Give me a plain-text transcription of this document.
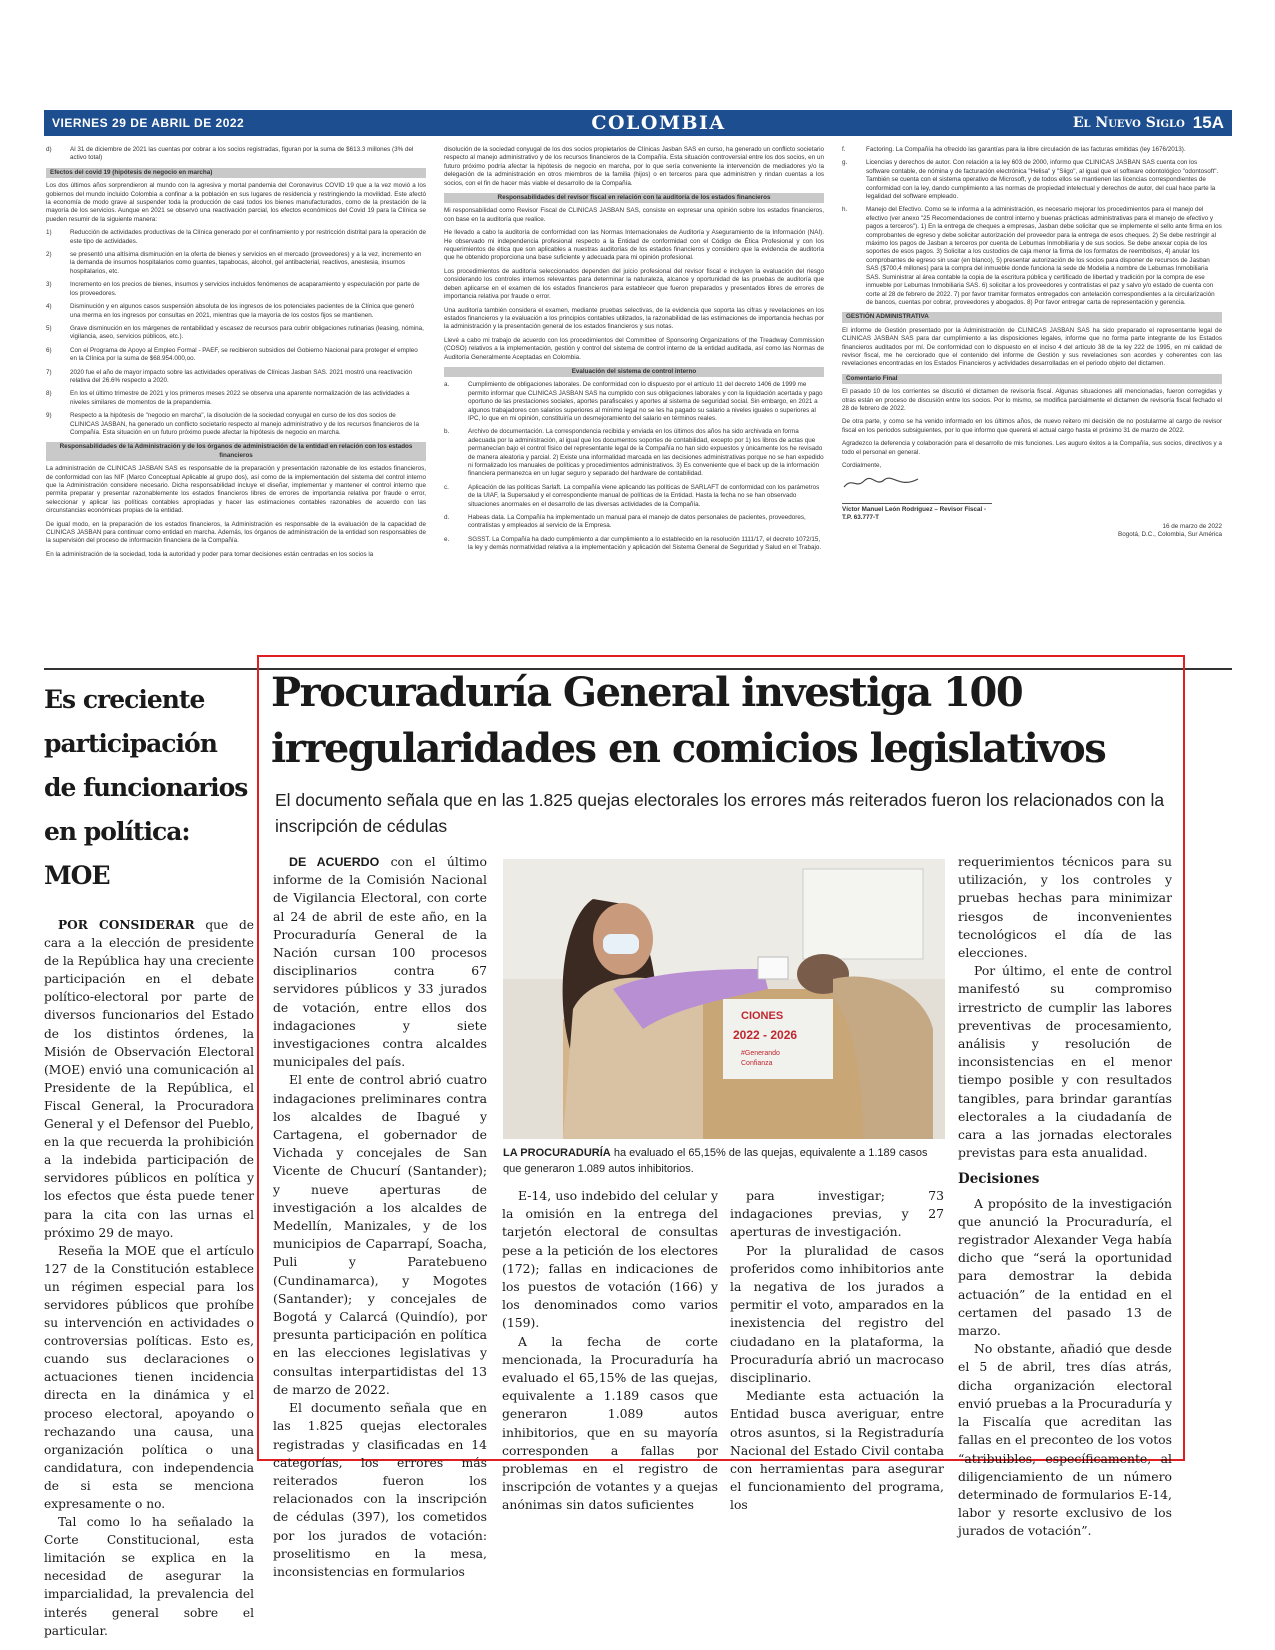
VIERNES 29 DE ABRIL DE 2022	COLOMBIA	El Nuevo Siglo 15A
d)	Al 31 de diciembre de 2021 las cuentas por cobrar a los socios registradas, figuran por la suma de $613.3 millones (3% del activo total)
Efectos del covid 19 (hipótesis de negocio en marcha)

Los dos últimos años sorprendieron al mundo con la agresiva y mortal pandemia del Coronavirus COVID 19 que a la vez movió a los gobiernos del mundo incluido Colombia a confinar a la población en sus lugares de residencia y restringiendo la movilidad. Este afectó la economía de modo grave al suspender toda la producción de casi todos los bienes manufacturados, como de la prestación de la mayoría de los servicios. Aunque en 2021 se observó una reactivación parcial, los efectos económicos del Covid 19 para la Clínica se pueden resumir de la siguiente manera:

1)	Reducción de actividades productivas de la Clínica generado por el confinamiento y por restricción distrital para la operación de este tipo de actividades.
2)	se presentó una altísima disminución en la oferta de bienes y servicios en el mercado (proveedores) y a la vez, incremento en la demanda de insumos hospitalarios como guantes, tapabocas, alcohol, gel antibacterial, reactivos, anestesia, insumos hospitalarios, etc.
3)	Incremento en los precios de bienes, insumos y servicios incluidos fenómenos de acaparamiento y especulación por parte de los proveedores.
4)	Disminución y en algunos casos suspensión absoluta de los ingresos de los potenciales pacientes de la Clínica que generó una merma en los ingresos por consultas en 2021, mientras que la mayoría de los costos fijos se mantienen.
5)	Grave disminución en los márgenes de rentabilidad y escasez de recursos para cubrir obligaciones rutinarias (leasing, nómina, vigilancia, aseo, servicios públicos, etc.).
6)	Con el Programa de Apoyo al Empleo Formal - PAEF, se recibieron subsidios del Gobierno Nacional para proteger el empleo en la Clínica por la suma de $68.954.000,oo.
7)	2020 fue el año de mayor impacto sobre las actividades operativas de Clínicas Jasban SAS. 2021 mostró una reactivación relativa del 26.6% respecto a 2020.
8)	En los el último trimestre de 2021 y los primeros meses 2022 se observa una aparente normalización de las actividades a niveles similares de momentos de la prepandemia.
9)	Respecto a la hipótesis de "negocio en marcha", la disolución de la sociedad conyugal en curso de los dos socios de CLINICAS JASBAN, ha generado un conflicto societario respecto al manejo administrativo y de los recursos financieros de la Compañía. Esta situación en un futuro próximo puede afectar la hipótesis de negocio en marcha.
Responsabilidades de la Administración y de los órganos de administración de la entidad en relación con los estados financieros

La administración de CLINICAS JASBAN SAS es responsable de la preparación y presentación razonable de los estados financieros, de conformidad con las NIF (Marco Conceptual Aplicable al grupo dos), así como de la implementación del sistema del control interno que la Administración considere necesario. Dicha responsabilidad incluye el diseñar, implementar y mantener el control interno que permita preparar y presentar razonablemente los estados financieros libres de errores de importancia relativa por fraude o error, seleccionar y aplicar las políticas contables apropiadas y hacer las estimaciones contables razonables de acuerdo con las circunstancias económicas propias de la entidad.

De igual modo, en la preparación de los estados financieros, la Administración es responsable de la evaluación de la capacidad de CLINICAS JASBAN para continuar como entidad en marcha. Además, los órganos de administración de la entidad son responsables de la supervisión del proceso de información financiera de la Compañía.

En la administración de la sociedad, toda la autoridad y poder para tomar decisiones están centradas en los socios la

disolución de la sociedad conyugal de los dos socios propietarios de Clínicas Jasban SAS en curso, ha generado un conflicto societario respecto al manejo administrativo y de los recursos financieros de la Compañía. Esta situación controversial entre los dos socios, en un futuro próximo podría afectar la hipótesis de negocio en marcha, por lo que sería conveniente la intervención de mediadores y/o la delegación de la administración en otros miembros de la familia (hijos) o en terceros para que administren y rindan cuentas a los socios, con el fin de hacer más viable el desarrollo de la Compañía.

Responsabilidades del revisor fiscal en relación con la auditoría de los estados financieros

Mi responsabilidad como Revisor Fiscal de CLINICAS JASBAN SAS, consiste en expresar una opinión sobre los estados financieros, con base en la auditoría que realice.

He llevado a cabo la auditoría de conformidad con las Normas Internacionales de Auditoría y Aseguramiento de la Información (NAI). He observado mi independencia profesional respecto a la Entidad de conformidad con el Código de Ética Profesional y con los requerimientos de ética que son aplicables a nuestras auditorías de los estados financieros y considero que la evidencia de auditoría que he obtenido proporciona una base suficiente y adecuada para mi opinión profesional.

Los procedimientos de auditoría seleccionados dependen del juicio profesional del revisor fiscal e incluyen la evaluación del riesgo considerando los controles internos relevantes para determinar la naturaleza, alcance y oportunidad de las pruebas de auditoría que deben aplicarse en el examen de los estados financieros para establecer que fueron preparados y presentados libres de errores de importancia relativa por fraude o error.

Una auditoría también considera el examen, mediante pruebas selectivas, de la evidencia que soporta las cifras y revelaciones en los estados financieros y la evaluación a los principios contables utilizados, la razonabilidad de las estimaciones de importancia hechas por la administración y la presentación general de los estados financieros y sus notas.

Llevé a cabo mi trabajo de acuerdo con los procedimientos del Committee of Sponsoring Organizations of the Treadway Commission (COSO) relativos a la implementación, gestión y control del sistema de control interno de la entidad auditada, así como las Normas de Auditoría Generalmente Aceptadas en Colombia.

Evaluación del sistema de control interno
a.	Cumplimiento de obligaciones laborales. De conformidad con lo dispuesto por el artículo 11 del decreto 1406 de 1999 me permito informar que CLINICAS JASBAN SAS ha cumplido con sus obligaciones laborales y con la liquidación acertada y pago oportuno de las prestaciones sociales, aportes parafiscales y aportes al sistema de seguridad social. Sin embargo, en 2021 a algunos trabajadores con salarios superiores al mínimo legal no se les ha pagado su salario a niveles iguales o superiores al IPC, lo que en mi opinión, constituiría un desmejoramiento del salario en términos reales.
b.	Archivo de documentación. La correspondencia recibida y enviada en los últimos dos años ha sido archivada en forma adecuada por la administración, al igual que los documentos soportes de contabilidad, excepto por 1) los libros de actas que permanecían bajo el control físico del representante legal de la Compañía no han sido expuestos y únicamente los he revisado de manera aleatoria y parcial. 2) Existe una informalidad marcada en las decisiones administrativas porque no se han expedido ni formalizado los manuales de políticas y procedimientos administrativos. 3) Es conveniente que el back up de la información financiera permanezca en un lugar seguro y separado del hardware de contabilidad.
c.	Aplicación de las políticas Sarlaft. La compañía viene aplicando las políticas de SARLAFT de conformidad con los parámetros de la UIAF, la Supersalud y el correspondiente manual de políticas de la Entidad. Hasta la fecha no se han observado situaciones anormales en el desarrollo de las diversas actividades de la Compañía.
d.	Habeas data. La Compañía ha implementado un manual para el manejo de datos personales de pacientes, proveedores, contratistas y empleados al servicio de la Empresa.
e.	SGSST. La Compañía ha dado cumplimiento a dar cumplimiento a lo establecido en la resolución 1111/17, el decreto 1072/15, la ley y demás normatividad relativa a la implementación y aplicación del Sistema General de Seguridad y Salud en el Trabajo.
f.	Factoring. La Compañía ha ofrecido las garantías para la libre circulación de las facturas emitidas (ley 1676/2013).
g.	Licencias y derechos de autor. Con relación a la ley 603 de 2000, informo que CLINICAS JASBAN SAS cuenta con los software contable, de nómina y de facturación electrónica "Helisa" y "Siigo", al igual que el software odontológico "odontosoft". También se cuenta con el sistema operativo de Microsoft, y de todos ellos se mantienen las licencias correspondientes de conformidad con la ley, dando cumplimiento a las normas de propiedad intelectual y derechos de autor, del cual hace parte la legalidad del software empleado.
h.	Manejo del Efectivo. Como se le informa a la administración, es necesario mejorar los procedimientos para el manejo del efectivo (ver anexo "25 Recomendaciones de control interno y buenas prácticas administrativas para el manejo de efectivo y pagos a terceros"). 1) En la entrega de cheques a empresas, Jasban debe solicitar que se implemente el sello ante firma en los comprobantes de egreso y debe solicitar autorización del proveedor para la entrega de esos cheques. 2) Se debe restringir al máximo los pagos de Jasban a terceros por cuenta de Lebumas Inmobiliaria y de sus socios. Se debe anexar copia de los soportes de esos pagos. 3) Solicitar a los custodios de caja menor la firma de los formatos de reembolsos, 4) anular los comprobantes de egreso sin usar (en blanco), 5) presentar autorización de los socios para disponer de recursos de Jasban SAS ($700,4 millones) para la compra del inmueble donde funciona la sede de Modelia a nombre de Lebumas Inmobiliaria SAS. Suministrar al área contable la copia de la escritura pública y certificado de libertad y tradición por la compra de ese inmueble por Lebumas Inmobiliaria SAS. 6) solicitar a los proveedores y contratistas el paz y salvo y/o estado de cuenta con corte al 28 de febrero de 2022. 7) por favor tramitar formatos entregados con antelación correspondientes a la circularización de bancos, cuentas por cobrar, proveedores y abogados. 8) Por favor entregar carta de representación y gerencia.
GESTIÓN ADMINISTRATIVA

El informe de Gestión presentado por la Administración de CLINICAS JASBAN SAS ha sido preparado el representante legal de CLINICAS JASBAN SAS para dar cumplimiento a las disposiciones legales, informe que no forma parte integrante de los Estados financieros auditados por mí. De conformidad con lo dispuesto en el inciso 4 del artículo 38 de la ley 222 de 1995, en mi calidad de revisor fiscal, me he cerciorado que el contenido del informe de Gestión y sus revelaciones son acordes y coherentes con las revelaciones encontradas en los Estados Financieros y actividades desarrolladas en el periodo objeto del dictamen.

Comentario Final

El pasado 10 de los corrientes se discutió el dictamen de revisoría fiscal. Algunas situaciones allí mencionadas, fueron corregidas y otras están en proceso de discusión entre los socios. Por lo mismo, se modifica parcialmente el dictamen de revisoría fiscal fechado el 28 de febrero de 2022.

De otra parte, y como se ha venido informado en los últimos años, de nuevo reitero mi decisión de no postularme al cargo de revisor fiscal en los periodos subsiguientes, por lo que informo que quererá el actual cargo hasta el próximo 31 de marzo de 2022.

Agradezco la deferencia y colaboración para el desarrollo de mis funciones. Les auguro éxitos a la Compañía, sus socios, directivos y a todo el personal en general.

Cordialmente,

Víctor Manuel León Rodríguez – Revisor Fiscal - T.P. 63.777-T

16 de marzo de 2022

Bogotá, D.C., Colombia, Sur América

Es creciente
participación
de funcionarios
en política: MOE

POR CONSIDERAR que de cara a la elección de presidente de la República hay una creciente participación en el debate político-electoral por parte de diversos funcionarios del Estado de los distintos órdenes, la Misión de Observación Electoral (MOE) envió una comunicación al Presidente de la República, el Fiscal General, la Procuradora General y el Defensor del Pueblo, en la que recuerda la prohibición a la indebida participación de servidores públicos en política y los efectos que ésta puede tener para la cita con las urnas el próximo 29 de mayo.

Reseña la MOE que el artículo 127 de la Constitución establece un régimen especial para los servidores públicos que prohíbe su intervención en actividades o controversias políticas. Esto es, cuando sus declaraciones o actuaciones tienen incidencia directa en la dinámica y el proceso electoral, apoyando o rechazando una causa, una organización política o una candidatura, con independencia de si esta se menciona expresamente o no.

Tal como lo ha señalado la Corte Constitucional, esta limitación se explica en la necesidad de asegurar la imparcialidad, la prevalencia del interés general sobre el particular.

Procuraduría General investiga 100
irregularidades en comicios legislativos

El documento señala que en las 1.825 quejas electorales los errores más reiterados fueron los relacionados con la inscripción de cédulas

DE ACUERDO con el último informe de la Comisión Nacional de Vigilancia Electoral, con corte al 24 de abril de este año, en la Procuraduría General de la Nación cursan 100 procesos disciplinarios contra 67 servidores públicos y 33 jurados de votación, entre ellos dos indagaciones y siete investigaciones contra alcaldes municipales del país.

El ente de control abrió cuatro indagaciones preliminares contra los alcaldes de Ibagué y Cartagena, el gobernador de Vichada y concejales de San Vicente de Chucurí (Santander); y nueve aperturas de investigación a los alcaldes de Medellín, Manizales, y de los municipios de Caparrapí, Soacha, Puli y Paratebueno (Cundinamarca), y Mogotes (Santander); y concejales de Bogotá y Calarcá (Quindío), por presunta participación en política en las elecciones legislativas y consultas interpartidistas del 13 de marzo de 2022.

El documento señala que en las 1.825 quejas electorales registradas y clasificadas en 14 categorías, los errores más reiterados fueron los relacionados con la inscripción de cédulas (397), los cometidos por los jurados de votación: proselitismo en la mesa, inconsistencias en formularios

CIONES
2022 - 2026
#Generando
Confianza

LA PROCURADURÍA ha evaluado el 65,15% de las quejas, equivalente a 1.189 casos que generaron 1.089 autos inhibitorios.

E-14, uso indebido del celular y la omisión en la entrega del tarjetón electoral de consultas pese a la petición de los electores (172); fallas en indicaciones de los puestos de votación (166) y los denominados como varios (159).

A la fecha de corte mencionada, la Procuraduría ha evaluado el 65,15% de las quejas, equivalente a 1.189 casos que generaron 1.089 autos inhibitorios, que en su mayoría corresponden a fallas por problemas en el registro de inscripción de votantes y a quejas anónimas sin datos suficientes

para investigar; 73 indagaciones previas, y 27 aperturas de investigación.

Por la pluralidad de casos proferidos como inhibitorios ante la negativa de los jurados a permitir el voto, amparados en la inexistencia del registro del ciudadano en la plataforma, la Procuraduría abrió un macrocaso disciplinario.

Mediante esta actuación la Entidad busca averiguar, entre otros asuntos, si la Registraduría Nacional del Estado Civil contaba con herramientas para asegurar el funcionamiento del programa, los

requerimientos técnicos para su utilización, y los controles y pruebas hechas para minimizar riesgos de inconvenientes tecnológicos el día de las elecciones.

Por último, el ente de control manifestó su compromiso irrestricto de cumplir las labores preventivas de procesamiento, análisis y resolución de inconsistencias en el menor tiempo posible y con resultados tangibles, para brindar garantías electorales a la ciudadanía de cara a las jornadas electorales previstas para esta anualidad.

Decisiones

A propósito de la investigación que anunció la Procuraduría, el registrador Alexander Vega había dicho que “será la oportunidad para demostrar la debida actuación” de la entidad en el certamen del pasado 13 de marzo.

No obstante, añadió que desde el 5 de abril, tres días atrás, dicha organización electoral envió pruebas a la Procuraduría y la Fiscalía que acreditan las fallas en el preconteo de los votos “atribuibles, específicamente, al diligenciamiento de un número determinado de formularios E-14, labor y resorte exclusivo de los jurados de votación”.
